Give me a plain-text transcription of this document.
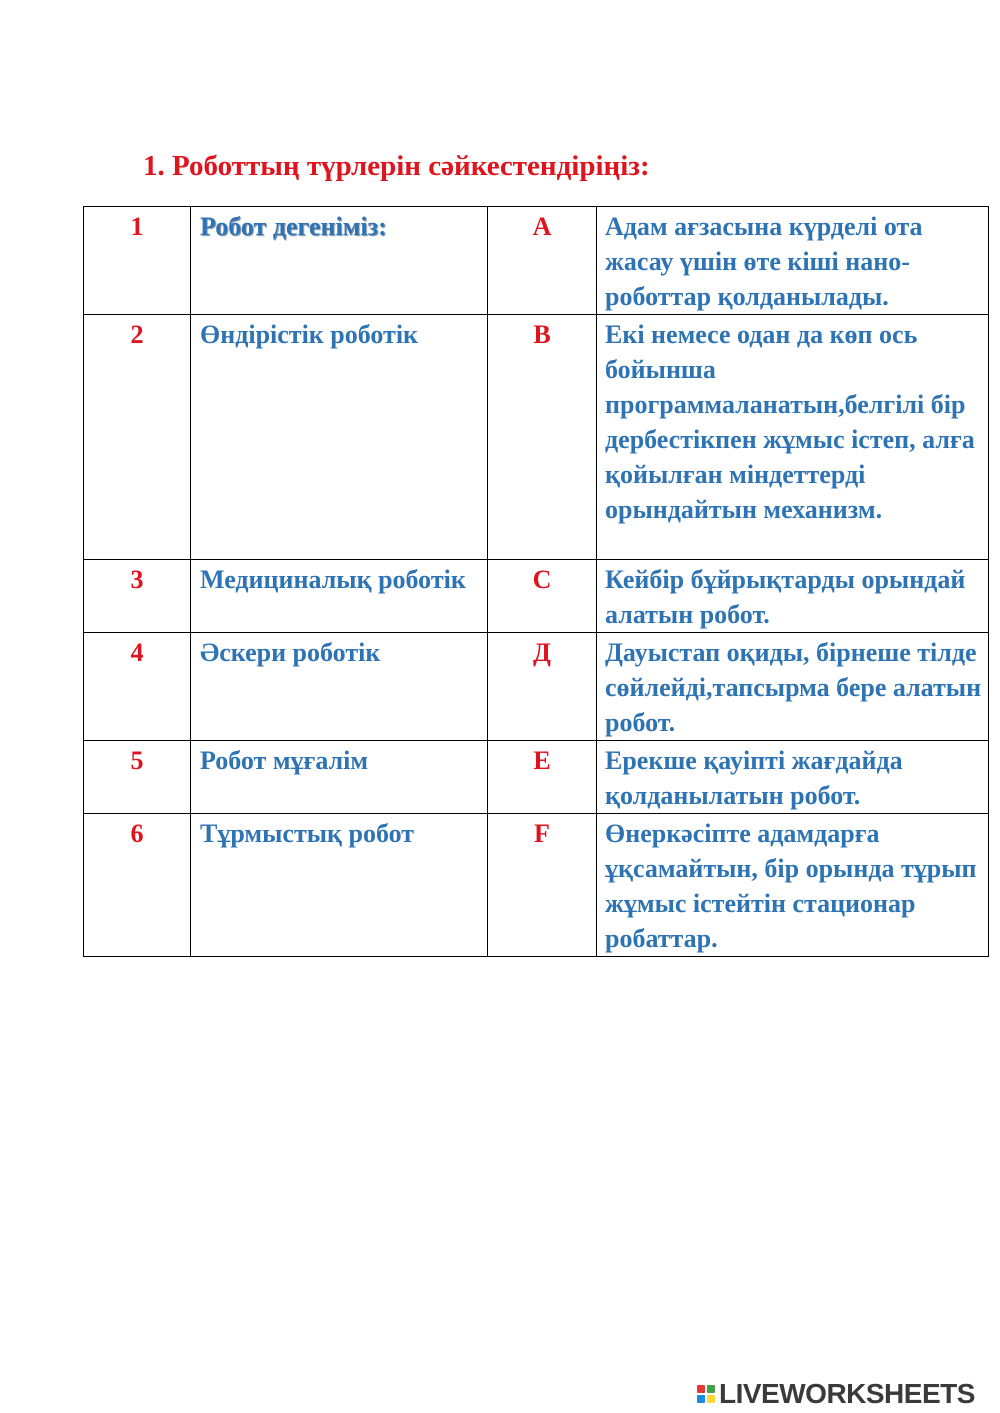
1. Роботтың түрлерін сәйкестендіріңіз:
1	Робот дегеніміз:	A	Адам ағзасына күрделі ота жасау үшін өте кіші нано-роботтар қолданылады.

2	Өндірістік роботік	B	Екі немесе одан да көп ось бойынша программаланатын,белгілі бір дербестікпен жұмыс істеп, алға қойылған міндеттерді орындайтын механизм.

3	Медициналық роботік	C	Кейбір бұйрықтарды орындай алатын робот.

4	Әскери роботік	Д	Дауыстап оқиды, бірнеше тілде сөйлейді,тапсырма бере алатын робот.

5	Робот мұғалім	E	Ерекше қауіпті жағдайда қолданылатын робот.

6	Тұрмыстық робот	F	Өнеркәсіпте адамдарға ұқсамайтын, бір орында тұрып жұмыс істейтін стационар робаттар.
LIVEWORKSHEETS
